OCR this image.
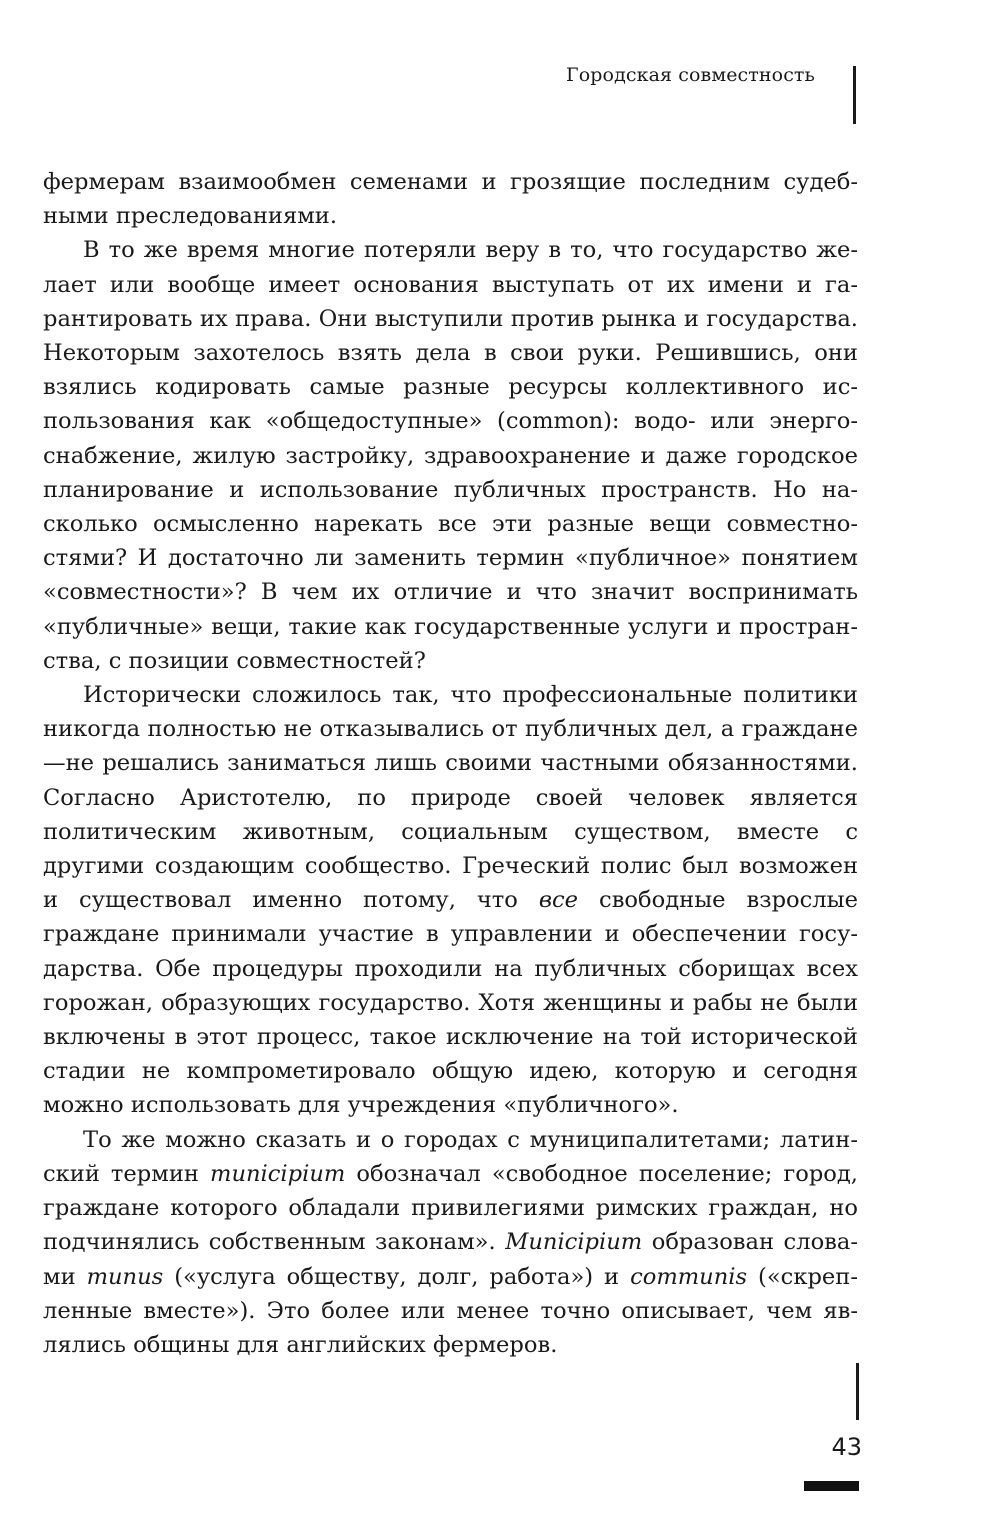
Городская совместность

фермерам взаимообмен семенами и грозящие последним судебными преследованиями.

В то же время многие потеряли веру в то, что государство желает или вообще имеет основания выступать от их имени и гарантировать их права. Они выступили против рынка и государства. Некоторым захотелось взять дела в свои руки. Решившись, они взялись кодировать самые разные ресурсы коллективного использования как «общедоступные» (common): водо- или энергоснабжение, жилую застройку, здравоохранение и даже городское планирование и использование публичных пространств. Но насколько осмысленно нарекать все эти разные вещи совместностями? И достаточно ли заменить термин «публичное» понятием «совместности»? В чем их отличие и что значит воспринимать «публичные» вещи, такие как государственные услуги и пространства, с позиции совместностей?

Исторически сложилось так, что профессиональные политики никогда полностью не отказывались от публичных дел, а граждане—не решались заниматься лишь своими частными обязанностями. Согласно Аристотелю, по природе своей человек является политическим животным, социальным существом, вместе с другими создающим сообщество. Греческий полис был возможен и существовал именно потому, что все свободные взрослые граждане принимали участие в управлении и обеспечении государства. Обе процедуры проходили на публичных сборищах всех горожан, образующих государство. Хотя женщины и рабы не были включены в этот процесс, такое исключение на той исторической стадии не компрометировало общую идею, которую и сегодня можно использовать для учреждения «публичного».

То же можно сказать и о городах с муниципалитетами; латинский термин municipium обозначал «свободное поселение; город, граждане которого обладали привилегиями римских граждан, но подчинялись собственным законам». Municipium образован словами munus («услуга обществу, долг, работа») и communis («скрепленные вместе»). Это более или менее точно описывает, чем являлись общины для английских фермеров.

43
